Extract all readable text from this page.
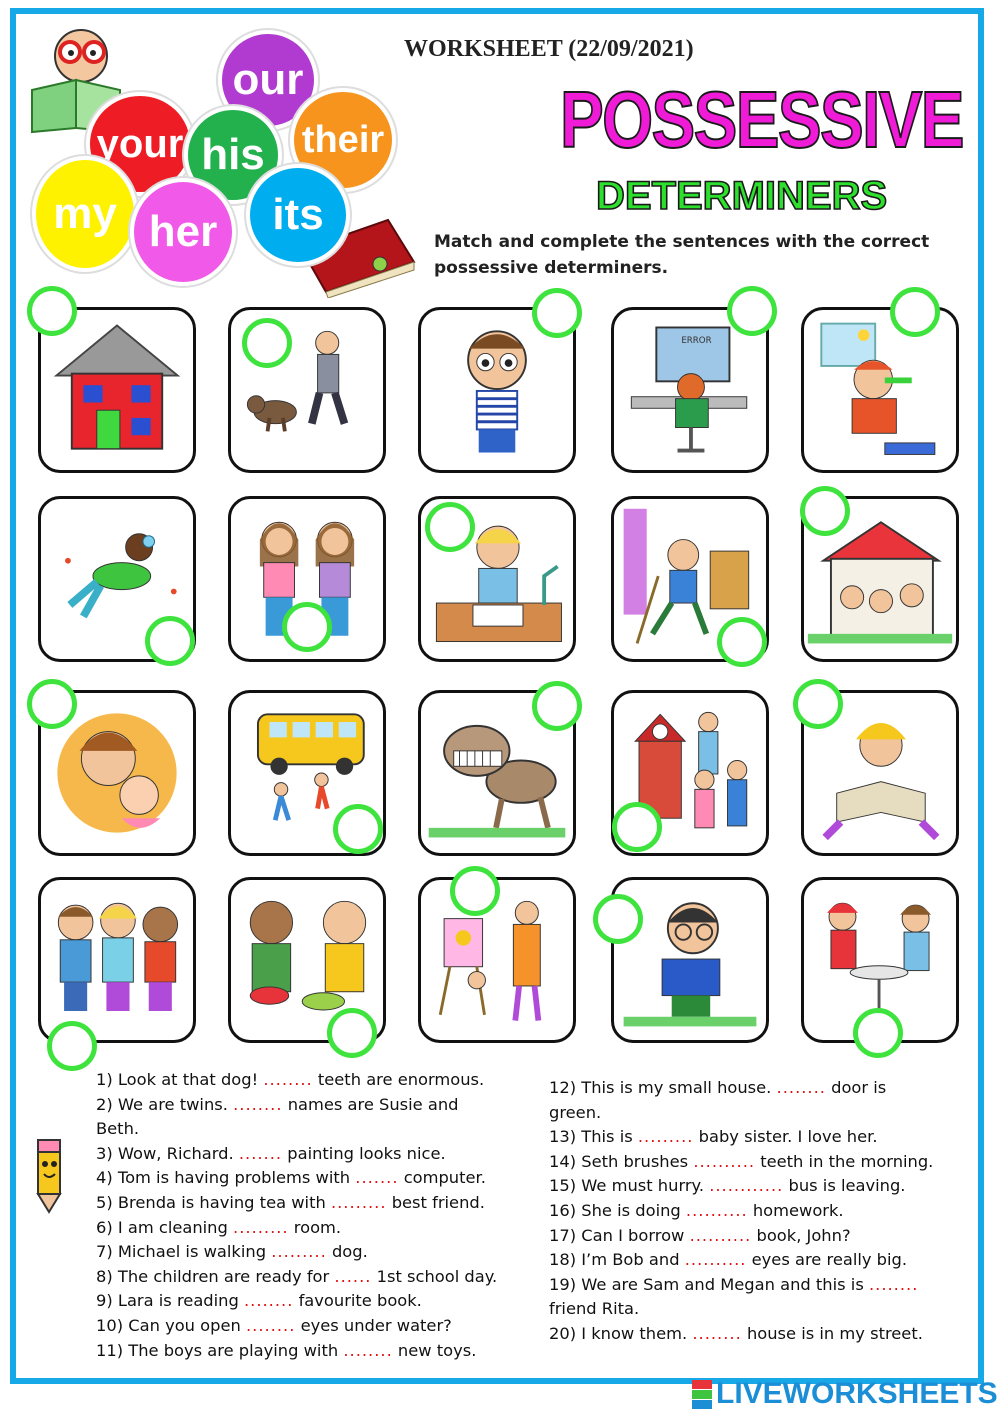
our
your his their
my her	its
WORKSHEET (22/09/2021)
POSSESSIVE
DETERMINERS
Match and complete the sentences with the correct possessive determiners.
ERROR
1) Look at that dog! ........ teeth are enormous.
2) We are twins. ........ names are Susie and
Beth.
3) Wow, Richard. ....... painting looks nice.
4) Tom is having problems with ....... computer.
5) Brenda is having tea with ......... best friend.
6) I am cleaning ......... room.
7) Michael is walking ......... dog.
8) The children are ready for ...... 1st school day.
9) Lara is reading ........ favourite book.
10) Can you open ........ eyes under water?
11) The boys are playing with ........ new toys.
12) This is my small house. ........ door is
green.
13) This is ......... baby sister. I love her.
14) Seth brushes .......... teeth in the morning.
15) We must hurry. ............ bus is leaving.
16) She is doing .......... homework.
17) Can I borrow .......... book, John?
18) I’m Bob and .......... eyes are really big.
19) We are Sam and Megan and this is ........
friend Rita.
20) I know them. ........ house is in my street.
LIVEWORKSHEETS
